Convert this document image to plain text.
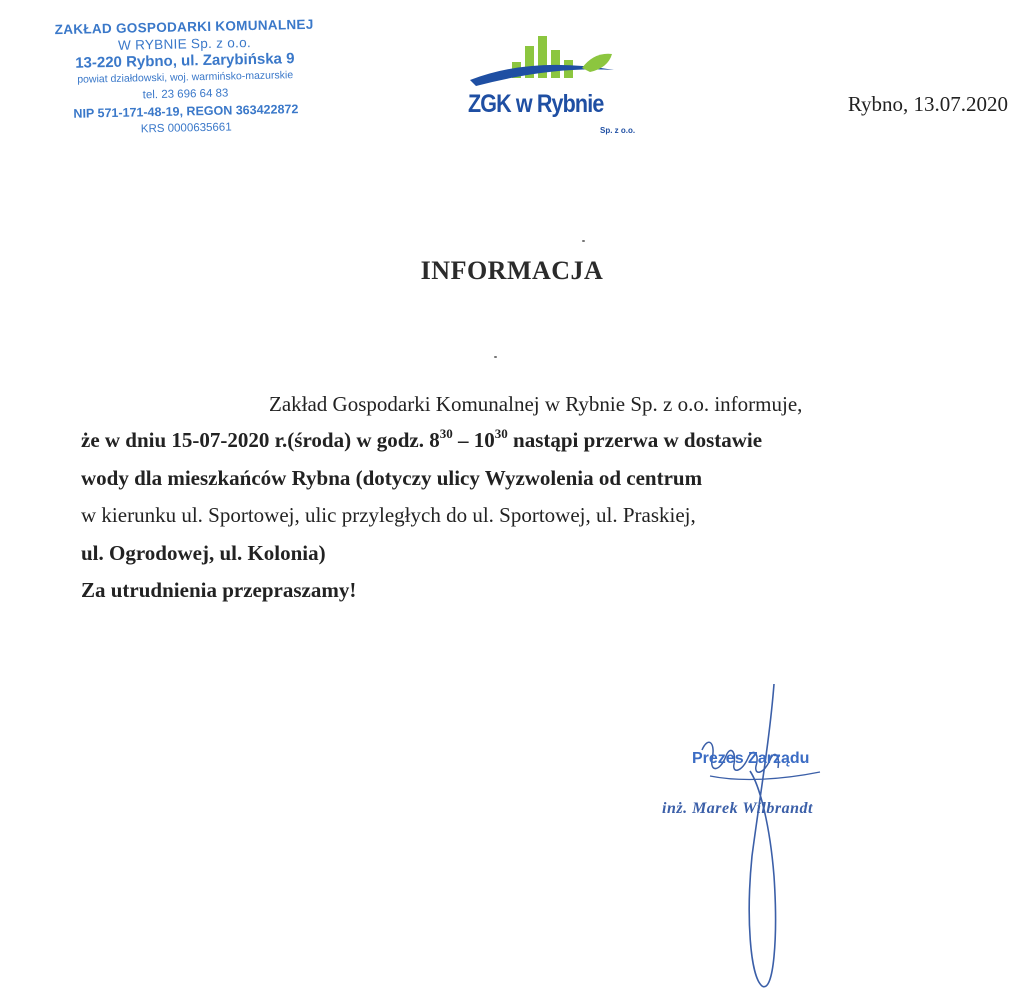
ZAKŁAD GOSPODARKI KOMUNALNEJ
W RYBNIE Sp. z o.o.
13-220 Rybno, ul. Zarybińska 9
powiat działdowski, woj. warmińsko-mazurskie
tel. 23 696 64 83
NIP 571-171-48-19, REGON 363422872
KRS 0000635661
ZGK w Rybnie
Sp. z o.o.
Rybno, 13.07.2020
INFORMACJA
Zakład Gospodarki Komunalnej w Rybnie Sp. z o.o. informuje,
że w dniu 15-07-2020 r.(środa) w godz. $8^{30} - 10^{30}$ nastąpi przerwa w dostawie
wody dla mieszkańców Rybna (dotyczy ulicy Wyzwolenia od centrum
w kierunku ul. Sportowej, ulic przyległych do ul. Sportowej, ul. Praskiej,
ul. Ogrodowej, ul. Kolonia)
Za utrudnienia przepraszamy!
Prezes Zarządu
inż. Marek Wilbrandt
